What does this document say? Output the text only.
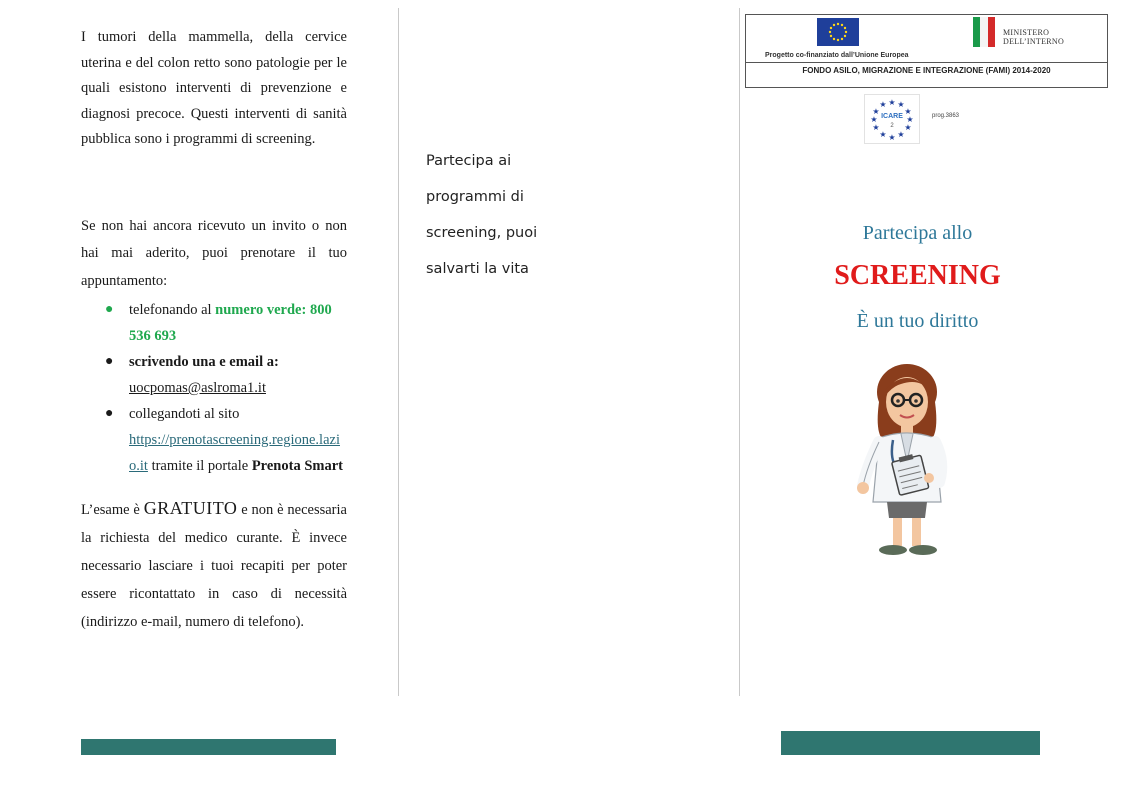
I tumori della mammella, della cervice uterina e del colon retto sono patologie per le quali esistono interventi di prevenzione e diagnosi precoce. Questi interventi di sanità pubblica sono i programmi di screening.

Se non hai ancora ricevuto un invito o non hai mai aderito, puoi prenotare il tuo appuntamento:

● telefonando al numero verde: 800 536 693
● scrivendo una e email a:
uocpomas@aslroma1.it
● collegandoti al sito
https://prenotascreening.regione.lazio.it tramite il portale Prenota Smart

L’esame è GRATUITO e non è necessaria la richiesta del medico curante. È invece necessario lasciare i tuoi recapiti per poter essere ricontattato in caso di necessità (indirizzo e-mail, numero di telefono).

Partecipa ai
programmi di
screening, puoi
salvarti la vita
Progetto co-finanziato dall’Unione Europea
MINISTERO
DELL’INTERNO
FONDO ASILO, MIGRAZIONE E INTEGRAZIONE (FAMI) 2014-2020
★ ★
★
★
★
★
★
★
★
★
★
★
ICARE
2
prog.3863
Partecipa allo
SCREENING
È un tuo diritto
